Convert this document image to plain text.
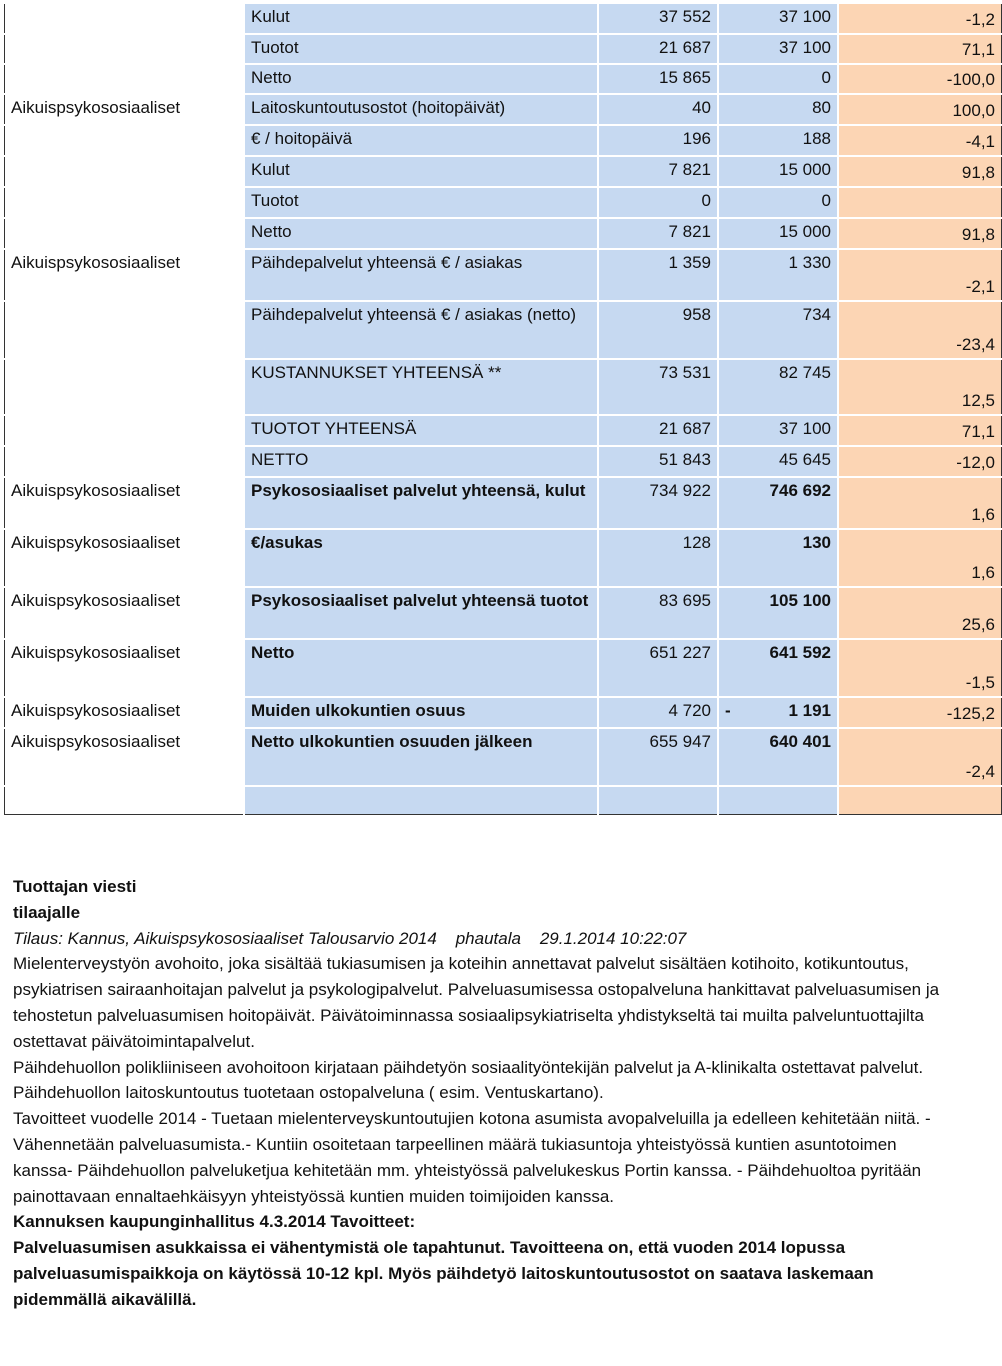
	Kulut	37 552	37 100	-1,2
	Tuotot	21 687	37 100	71,1
	Netto	15 865	0	-100,0
Aikuispsykososiaaliset	Laitoskuntoutusostot (hoitopäivät)	40	80	100,0
	€ / hoitopäivä	196	188	-4,1
	Kulut	7 821	15 000	91,8
	Tuotot	0	0	
	Netto	7 821	15 000	91,8
Aikuispsykososiaaliset	Päihdepalvelut yhteensä € / asiakas	1 359	1 330	-2,1
	Päihdepalvelut yhteensä € / asiakas (netto)	958	734	-23,4
	KUSTANNUKSET YHTEENSÄ **	73 531	82 745	12,5
	TUOTOT YHTEENSÄ	21 687	37 100	71,1
	NETTO	51 843	45 645	-12,0
Aikuispsykososiaaliset	Psykososiaaliset palvelut yhteensä, kulut	734 922	746 692	1,6
Aikuispsykososiaaliset	€/asukas	128	130	1,6
Aikuispsykososiaaliset	Psykososiaaliset palvelut yhteensä tuotot	83 695	105 100	25,6
Aikuispsykososiaaliset	Netto	651 227	641 592	-1,5
Aikuispsykososiaaliset	Muiden ulkokuntien osuus	4 720	- 1 191	-125,2
Aikuispsykososiaaliset	Netto ulkokuntien osuuden jälkeen	655 947	640 401	-2,4

Tuottajan viesti
tilaajalle

Tilaus: Kannus, Aikuispsykososiaaliset Talousarvio 2014    phautala    29.1.2014 10:22:07

Mielenterveystyön avohoito, joka sisältää tukiasumisen ja koteihin annettavat palvelut sisältäen kotihoito, kotikuntoutus, psykiatrisen sairaanhoitajan palvelut ja psykologipalvelut. Palveluasumisessa ostopalveluna hankittavat palveluasumisen ja tehostetun palveluasumisen hoitopäivät. Päivätoiminnassa sosiaalipsykiatriselta yhdistykseltä tai muilta palveluntuottajilta ostettavat päivätoimintapalvelut.

Päihdehuollon polikliiniseen avohoitoon kirjataan päihdetyön sosiaalityöntekijän palvelut ja A-klinikalta ostettavat palvelut.

Päihdehuollon laitoskuntoutus tuotetaan ostopalveluna ( esim. Ventuskartano).

Tavoitteet vuodelle 2014 - Tuetaan mielenterveyskuntoutujien kotona asumista avopalveluilla ja edelleen kehitetään niitä. - Vähennetään palveluasumista.- Kuntiin osoitetaan tarpeellinen määrä tukiasuntoja yhteistyössä kuntien asuntotoimen kanssa- Päihdehuollon palveluketjua kehitetään mm. yhteistyössä palvelukeskus Portin kanssa. - Päihdehuoltoa pyritään painottavaan ennaltaehkäisyyn yhteistyössä kuntien muiden toimijoiden kanssa.

Kannuksen kaupunginhallitus 4.3.2014 Tavoitteet:

Palveluasumisen asukkaissa ei vähentymistä ole tapahtunut. Tavoitteena on, että vuoden 2014 lopussa palveluasumispaikkoja on käytössä 10-12 kpl. Myös päihdetyö laitoskuntoutusostot on saatava laskemaan pidemmällä aikavälillä.
